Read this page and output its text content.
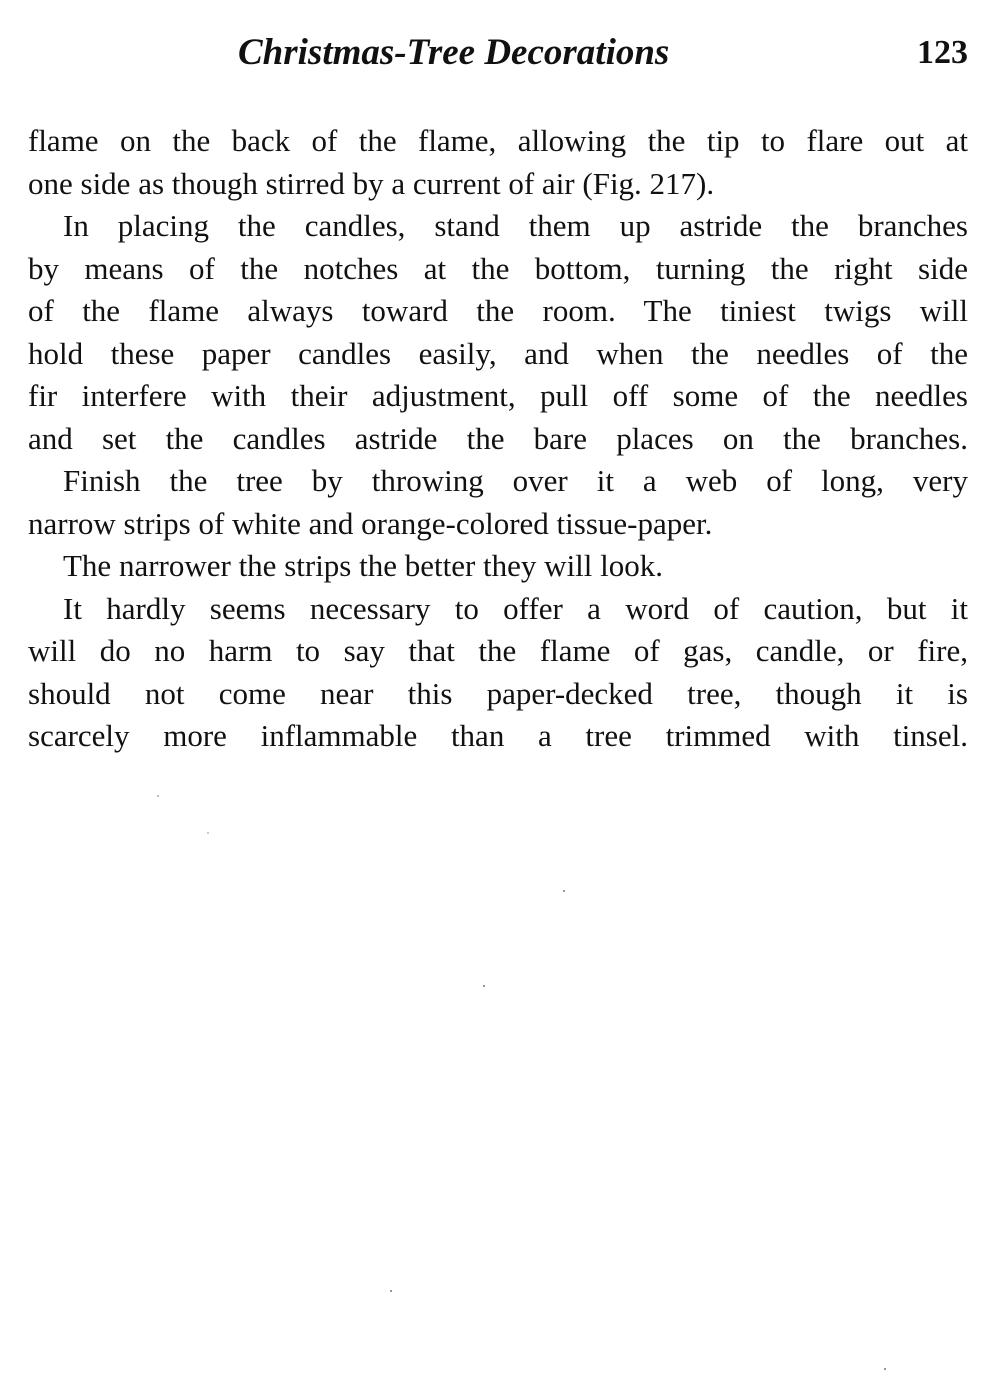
Christmas-Tree Decorations	123

flame on the back of the flame, allowing the tip to flare out at
one side as though stirred by a current of air (Fig. 217).

In placing the candles, stand them up astride the branches
by means of the notches at the bottom, turning the right side
of the flame always toward the room. The tiniest twigs will
hold these paper candles easily, and when the needles of the
fir interfere with their adjustment, pull off some of the needles
and set the candles astride the bare places on the branches.

Finish the tree by throwing over it a web of long, very
narrow strips of white and orange-colored tissue-paper.

The narrower the strips the better they will look.

It hardly seems necessary to offer a word of caution, but it
will do no harm to say that the flame of gas, candle, or fire,
should not come near this paper-decked tree, though it is
scarcely more inflammable than a tree trimmed with tinsel.
